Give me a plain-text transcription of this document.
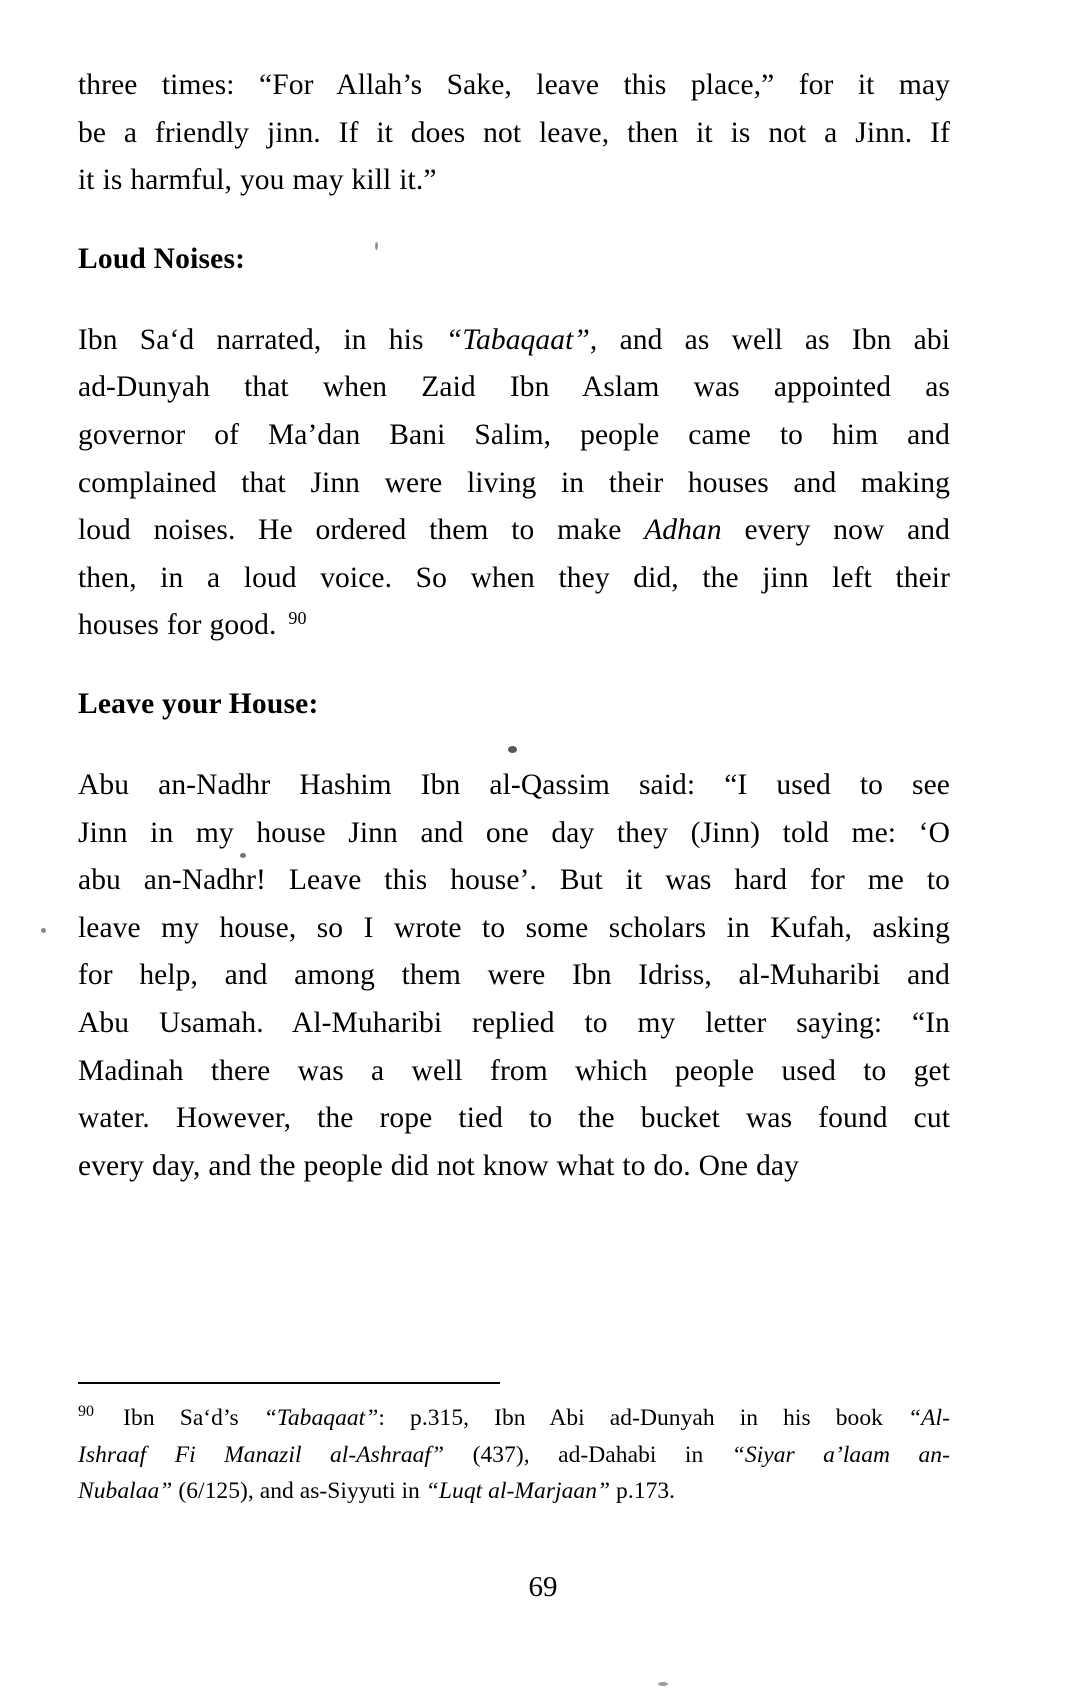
three times: “For Allah’s Sake, leave this place,” for it may
be a friendly jinn. If it does not leave, then it is not a Jinn. If
it is harmful, you may kill it.”
Loud Noises:
Ibn Saʻd narrated, in his “Tabaqaat”, and as well as Ibn abi
ad-Dunyah that when Zaid Ibn Aslam was appointed as
governor of Ma’dan Bani Salim, people came to him and
complained that Jinn were living in their houses and making
loud noises. He ordered them to make Adhan every now and
then, in a loud voice. So when they did, the jinn left their
houses for good. $^{90}$
Leave your House:
Abu an-Nadhr Hashim Ibn al-Qassim said: “I used to see
Jinn in my house Jinn and one day they (Jinn) told me: ʻO
abu an-Nadhr! Leave this house’. But it was hard for me to
leave my house, so I wrote to some scholars in Kufah, asking
for help, and among them were Ibn Idriss, al-Muharibi and
Abu Usamah. Al-Muharibi replied to my letter saying: “In
Madinah there was a well from which people used to get
water. However, the rope tied to the bucket was found cut
every day, and the people did not know what to do. One day
$^{90}$ Ibn Saʻd’s “Tabaqaat”: p.315, Ibn Abi ad-Dunyah in his book “Al-
Ishraaf Fi Manazil al-Ashraaf” (437), ad-Dahabi in “Siyar a’laam an-
Nubalaa” (6/125), and as-Siyyuti in “Luqt al-Marjaan” p.173.
69
